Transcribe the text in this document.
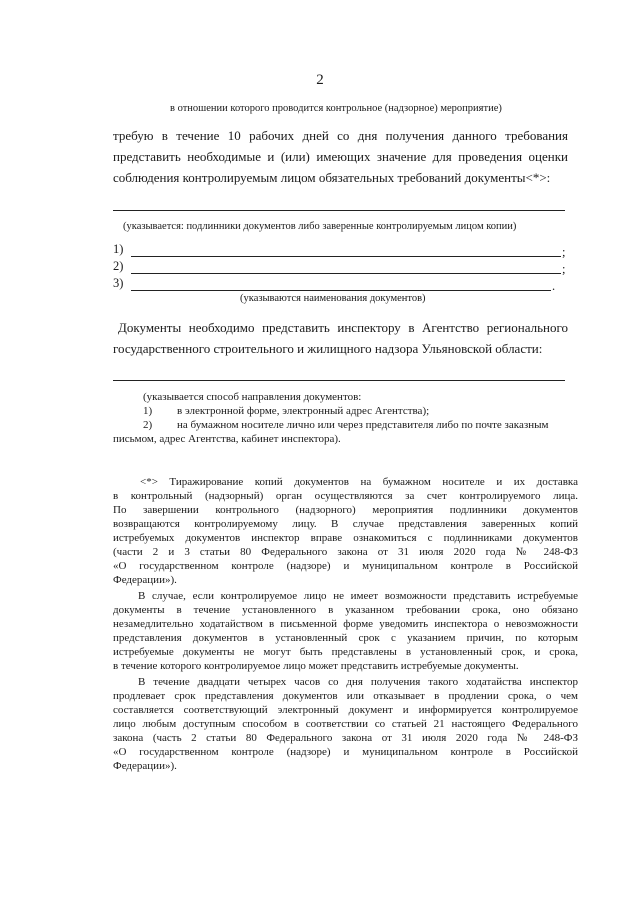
2
в отношении которого проводится контрольное (надзорное) мероприятие)
требую в течение 10 рабочих дней со дня получения данного требования
представить необходимые и (или) имеющих значение для проведения оценки
соблюдения контролируемым лицом обязательных требований документы<*>:
(указывается: подлинники документов либо заверенные контролируемым лицом копии)
1)	;
2)	;
3)	.
(указываются наименования документов)
Документы необходимо представить инспектору в Агентство регионального
государственного строительного и жилищного надзора Ульяновской области:
(указывается способ направления документов:
1) в электронной форме, электронный адрес Агентства);
2) на бумажном носителе лично или через представителя либо по почте заказным
письмом, адрес Агентства, кабинет инспектора).
<*> Тиражирование копий документов на бумажном носителе и их доставка
в контрольный (надзорный) орган осуществляются за счет контролируемого лица.
По завершении контрольного (надзорного) мероприятия подлинники документов
возвращаются контролируемому лицу. В случае представления заверенных копий
истребуемых документов инспектор вправе ознакомиться с подлинниками документов
(части 2 и 3 статьи 80 Федерального закона от 31 июля 2020 года № 248-ФЗ
«О государственном контроле (надзоре) и муниципальном контроле в Российской
Федерации»).
В случае, если контролируемое лицо не имеет возможности представить истребуемые
документы в течение установленного в указанном требовании срока, оно обязано
незамедлительно ходатайством в письменной форме уведомить инспектора о невозможности
представления документов в установленный срок с указанием причин, по которым
истребуемые документы не могут быть представлены в установленный срок, и срока,
в течение которого контролируемое лицо может представить истребуемые документы.
В течение двадцати четырех часов со дня получения такого ходатайства инспектор
продлевает срок представления документов или отказывает в продлении срока, о чем
составляется соответствующий электронный документ и информируется контролируемое
лицо любым доступным способом в соответствии со статьей 21 настоящего Федерального
закона (часть 2 статьи 80 Федерального закона от 31 июля 2020 года № 248-ФЗ
«О государственном контроле (надзоре) и муниципальном контроле в Российской
Федерации»).
